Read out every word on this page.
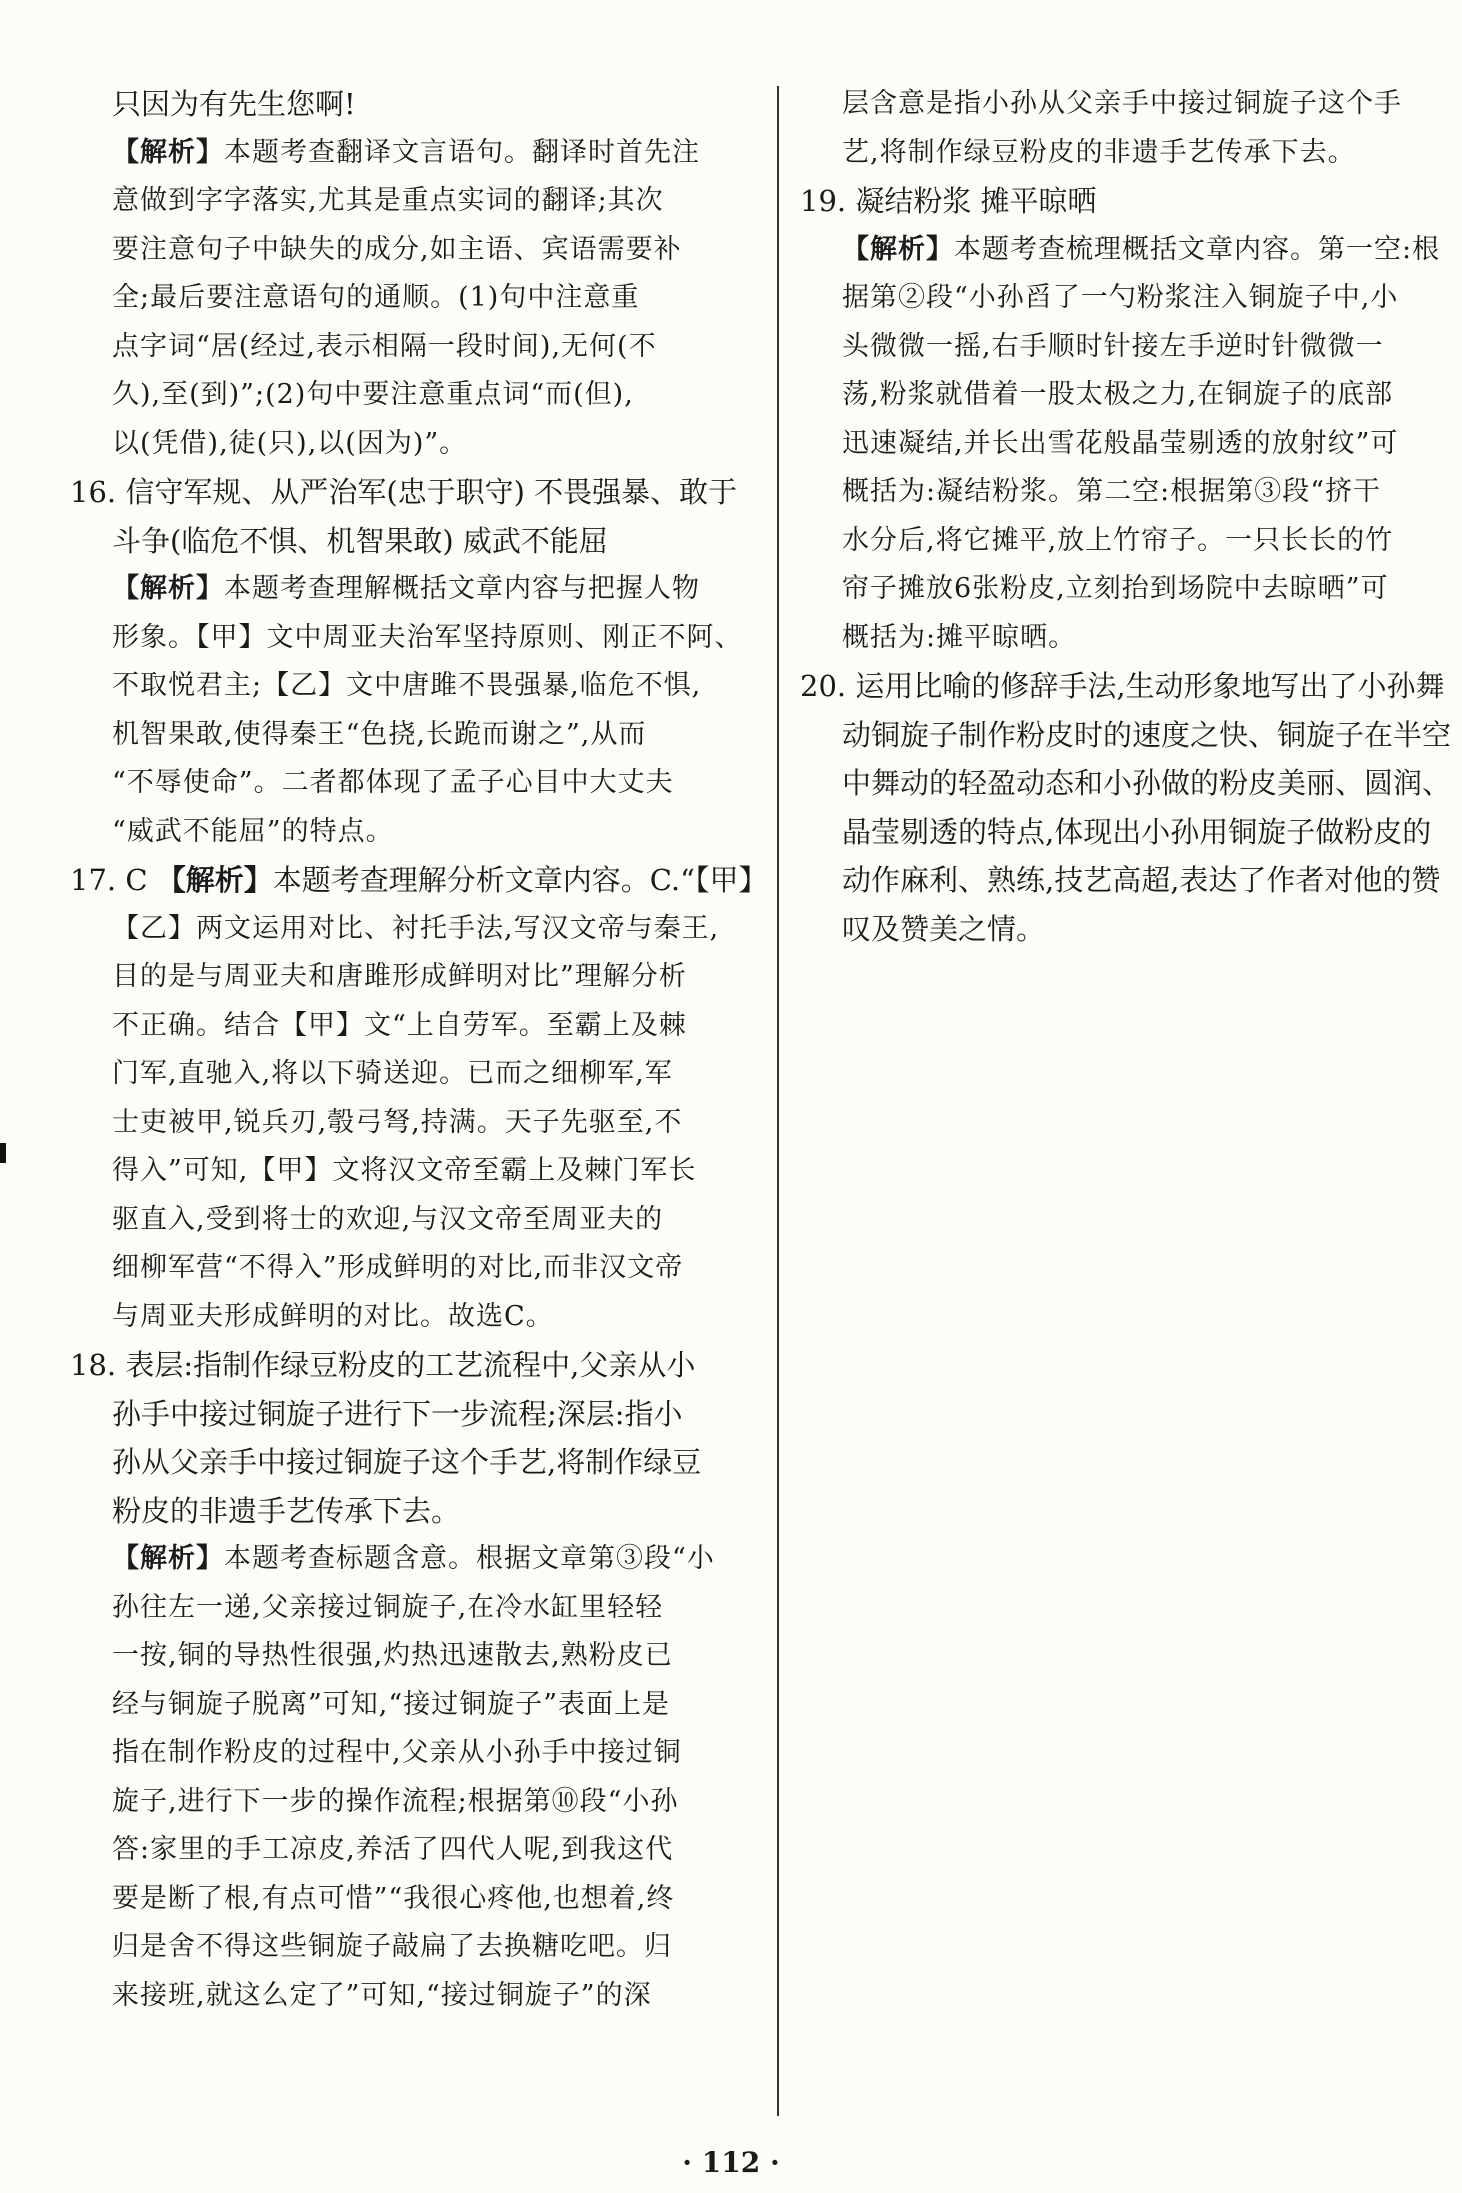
只因为有先生您啊!
【解析】本题考查翻译文言语句。翻译时首先注
意做到字字落实,尤其是重点实词的翻译;其次
要注意句子中缺失的成分,如主语、宾语需要补
全;最后要注意语句的通顺。(1)句中注意重
点字词“居(经过,表示相隔一段时间),无何(不
久),至(到)”;(2)句中要注意重点词“而(但),
以(凭借),徒(只),以(因为)”。
16. 信守军规、从严治军(忠于职守) 不畏强暴、敢于
斗争(临危不惧、机智果敢) 威武不能屈
【解析】本题考查理解概括文章内容与把握人物
形象。【甲】文中周亚夫治军坚持原则、刚正不阿、
不取悦君主;【乙】文中唐雎不畏强暴,临危不惧,
机智果敢,使得秦王“色挠,长跪而谢之”,从而
“不辱使命”。二者都体现了孟子心目中大丈夫
“威武不能屈”的特点。
17. C 【解析】本题考查理解分析文章内容。C.“【甲】
【乙】两文运用对比、衬托手法,写汉文帝与秦王,
目的是与周亚夫和唐雎形成鲜明对比”理解分析
不正确。结合【甲】文“上自劳军。至霸上及棘
门军,直驰入,将以下骑送迎。已而之细柳军,军
士吏被甲,锐兵刃,彀弓弩,持满。天子先驱至,不
得入”可知,【甲】文将汉文帝至霸上及棘门军长
驱直入,受到将士的欢迎,与汉文帝至周亚夫的
细柳军营“不得入”形成鲜明的对比,而非汉文帝
与周亚夫形成鲜明的对比。故选C。
18. 表层:指制作绿豆粉皮的工艺流程中,父亲从小
孙手中接过铜旋子进行下一步流程;深层:指小
孙从父亲手中接过铜旋子这个手艺,将制作绿豆
粉皮的非遗手艺传承下去。
【解析】本题考查标题含意。根据文章第③段“小
孙往左一递,父亲接过铜旋子,在冷水缸里轻轻
一按,铜的导热性很强,灼热迅速散去,熟粉皮已
经与铜旋子脱离”可知,“接过铜旋子”表面上是
指在制作粉皮的过程中,父亲从小孙手中接过铜
旋子,进行下一步的操作流程;根据第⑩段“小孙
答:家里的手工凉皮,养活了四代人呢,到我这代
要是断了根,有点可惜”“我很心疼他,也想着,终
归是舍不得这些铜旋子敲扁了去换糖吃吧。归
来接班,就这么定了”可知,“接过铜旋子”的深
层含意是指小孙从父亲手中接过铜旋子这个手
艺,将制作绿豆粉皮的非遗手艺传承下去。
19. 凝结粉浆 摊平晾晒
【解析】本题考查梳理概括文章内容。第一空:根
据第②段“小孙舀了一勺粉浆注入铜旋子中,小
头微微一摇,右手顺时针接左手逆时针微微一
荡,粉浆就借着一股太极之力,在铜旋子的底部
迅速凝结,并长出雪花般晶莹剔透的放射纹”可
概括为:凝结粉浆。第二空:根据第③段“挤干
水分后,将它摊平,放上竹帘子。一只长长的竹
帘子摊放6张粉皮,立刻抬到场院中去晾晒”可
概括为:摊平晾晒。
20. 运用比喻的修辞手法,生动形象地写出了小孙舞
动铜旋子制作粉皮时的速度之快、铜旋子在半空
中舞动的轻盈动态和小孙做的粉皮美丽、圆润、
晶莹剔透的特点,体现出小孙用铜旋子做粉皮的
动作麻利、熟练,技艺高超,表达了作者对他的赞
叹及赞美之情。
· 112 ·
